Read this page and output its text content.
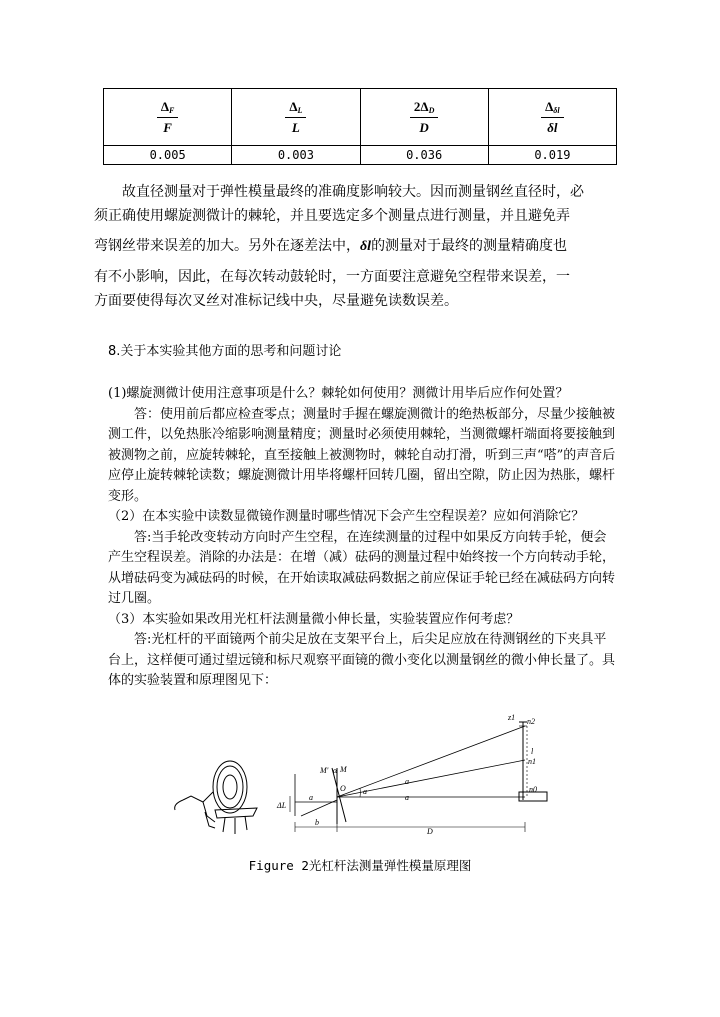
$\frac{\Delta_F}{F}$	$\frac{\Delta_L}{L}$	$\frac{2\Delta_D}{D}$	$\frac{\Delta_{\delta l}}{\delta l}$

0.005	0.003	0.036	0.019

故直径测量对于弹性模量最终的准确度影响较大。因而测量钢丝直径时，必

须正确使用螺旋测微计的棘轮，并且要选定多个测量点进行测量，并且避免弄

弯钢丝带来误差的加大。另外在逐差法中，δl的测量对于最终的测量精确度也

有不小影响，因此，在每次转动鼓轮时，一方面要注意避免空程带来误差，一

方面要使得每次叉丝对准标记线中央，尽量避免读数误差。

8.关于本实验其他方面的思考和问题讨论

(1)螺旋测微计使用注意事项是什么？棘轮如何使用？测微计用毕后应作何处置？

答：使用前后都应检查零点；测量时手握在螺旋测微计的绝热板部分，尽量少接触被测工件，以免热胀冷缩影响测量精度；测量时必须使用棘轮，当测微螺杆端面将要接触到被测物之前，应旋转棘轮，直至接触上被测物时，棘轮自动打滑，听到三声“嗒”的声音后应停止旋转棘轮读数；螺旋测微计用毕将螺杆回转几圈，留出空隙，防止因为热胀，螺杆变形。

（2）在本实验中读数显微镜作测量时哪些情况下会产生空程误差？应如何消除它？

答:当手轮改变转动方向时产生空程，在连续测量的过程中如果反方向转手轮，便会产生空程误差。消除的办法是：在增（减）砝码的测量过程中始终按一个方向转动手轮，从增砝码变为减砝码的时候，在开始读取减砝码数据之前应保证手轮已经在减砝码方向转过几圈。

（3）本实验如果改用光杠杆法测量微小伸长量，实验装置应作何考虑？

答:光杠杆的平面镜两个前尖足放在支架平台上，后尖足应放在待测钢丝的下夹具平台上，这样便可通过望远镜和标尺观察平面镜的微小变化以测量钢丝的微小伸长量了。具体的实验装置和原理图见下：

z1 n2
n1
l
n0
M' α M
O
a
a
a
a
ΔL
b
D
Figure 2光杠杆法测量弹性模量原理图
